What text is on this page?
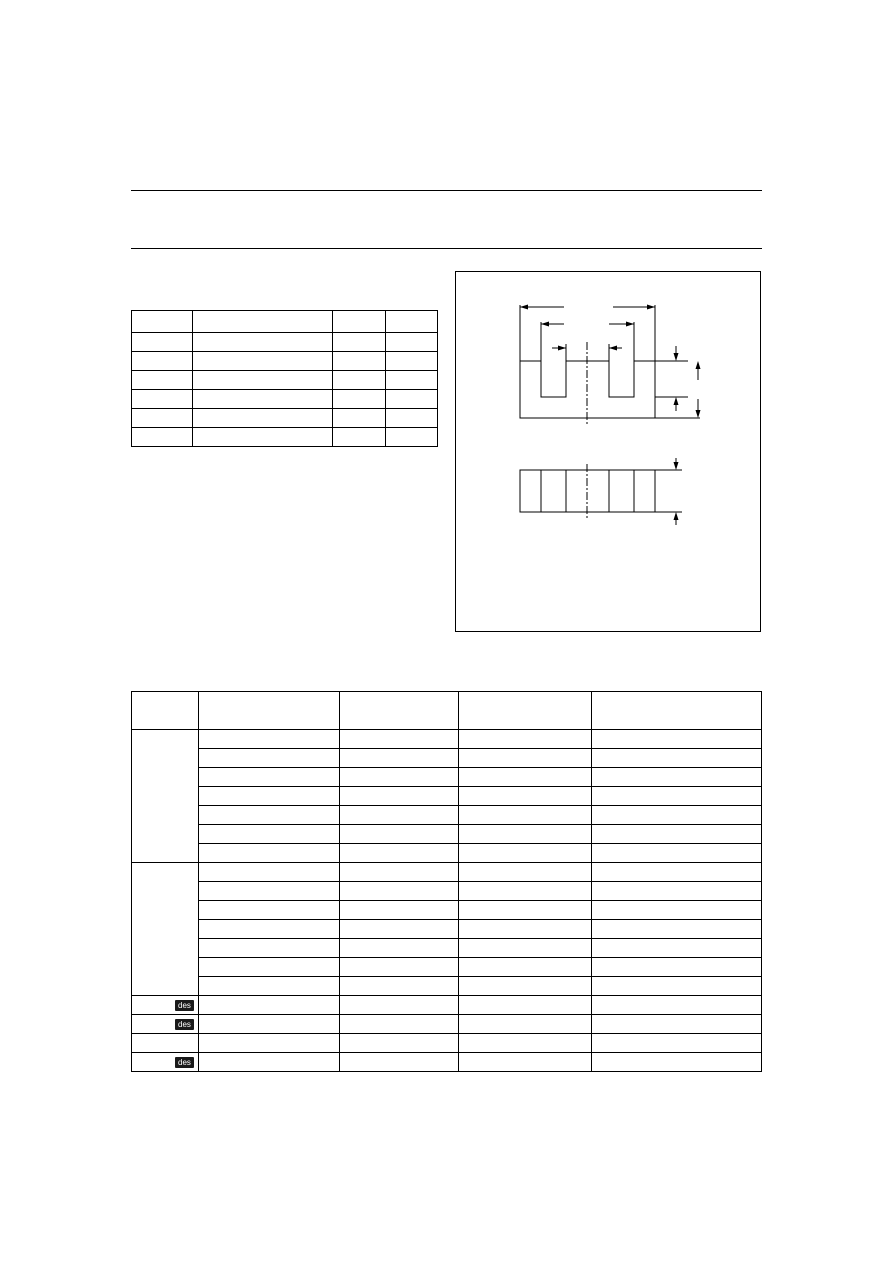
des				
des				

des				
